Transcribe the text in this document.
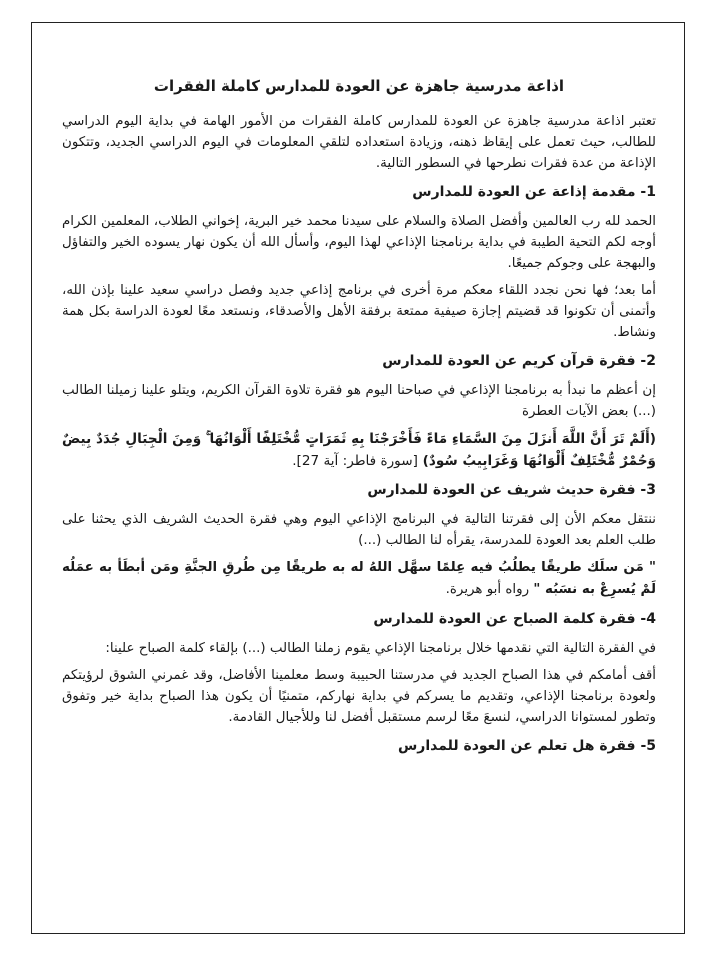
اذاعة مدرسية جاهزة عن العودة للمدارس كاملة الفقرات

تعتبر اذاعة مدرسية جاهزة عن العودة للمدارس كاملة الفقرات من الأمور الهامة في بداية اليوم الدراسي للطالب، حيث تعمل على إيقاظ ذهنه، وزيادة استعداده لتلقي المعلومات في اليوم الدراسي الجديد، وتتكون الإذاعة من عدة فقرات نطرحها في السطور التالية.

1- مقدمة إذاعة عن العودة للمدارس

الحمد لله رب العالمين وأفضل الصلاة والسلام على سيدنا محمد خير البرية، إخواني الطلاب، المعلمين الكرام أوجه لكم التحية الطيبة في بداية برنامجنا الإذاعي لهذا اليوم، وأسأل الله أن يكون نهار يسوده الخير والتفاؤل والبهجة على وجوكم جميعًا.

أما بعد؛ فها نحن نجدد اللقاء معكم مرة أخرى في برنامج إذاعي جديد وفصل دراسي سعيد علينا بإذن الله، وأتمنى أن تكونوا قد قضيتم إجازة صيفية ممتعة برفقة الأهل والأصدقاء، ونستعد معًا لعودة الدراسة بكل همة ونشاط.

2- فقرة قرآن كريم عن العودة للمدارس

إن أعظم ما نبدأ به برنامجنا الإذاعي في صباحنا اليوم هو فقرة تلاوة القرآن الكريم، ويتلو علينا زميلنا الطالب (...) بعض الآيات العطرة

(أَلَمْ تَرَ أَنَّ اللَّهَ أَنزَلَ مِنَ السَّمَاءِ مَاءً فَأَخْرَجْنَا بِهِ ثَمَرَاتٍ مُّخْتَلِفًا أَلْوَانُهَا ۚ وَمِنَ الْجِبَالِ جُدَدٌ بِيضٌ وَحُمْرٌ مُّخْتَلِفٌ أَلْوَانُهَا وَغَرَابِيبُ سُودٌ) [سورة فاطر: آية 27].

3- فقرة حديث شريف عن العودة للمدارس

ننتقل معكم الأن إلى فقرتنا التالية في البرنامج الإذاعي اليوم وهي فقرة الحديث الشريف الذي يحثنا على طلب العلم بعد العودة للمدرسة، يقرأه لنا الطالب (...)

" مَن سلَك طريقًا يطلُبُ فيه عِلمًا سهَّل اللهُ له به طريقًا مِن طُرقِ الجنَّةِ ومَن أبطَأ به عمَلُه لَمْ يُسرِعْ به نسَبُه " رواه أبو هريرة.

4- فقرة كلمة الصباح عن العودة للمدارس

في الفقرة التالية التي نقدمها خلال برنامجنا الإذاعي يقوم زملنا الطالب (...) بإلقاء كلمة الصباح علينا:

أقف أمامكم في هذا الصباح الجديد في مدرستنا الحبيبة وسط معلمينا الأفاضل، وقد غمرني الشوق لرؤيتكم ولعودة برنامجنا الإذاعي، وتقديم ما يسركم في بداية نهاركم، متمنيًا أن يكون هذا الصباح بداية خير وتفوق وتطور لمستوانا الدراسي، لنسعَ معًا لرسم مستقبل أفضل لنا وللأجيال القادمة.

5- فقرة هل تعلم عن العودة للمدارس
